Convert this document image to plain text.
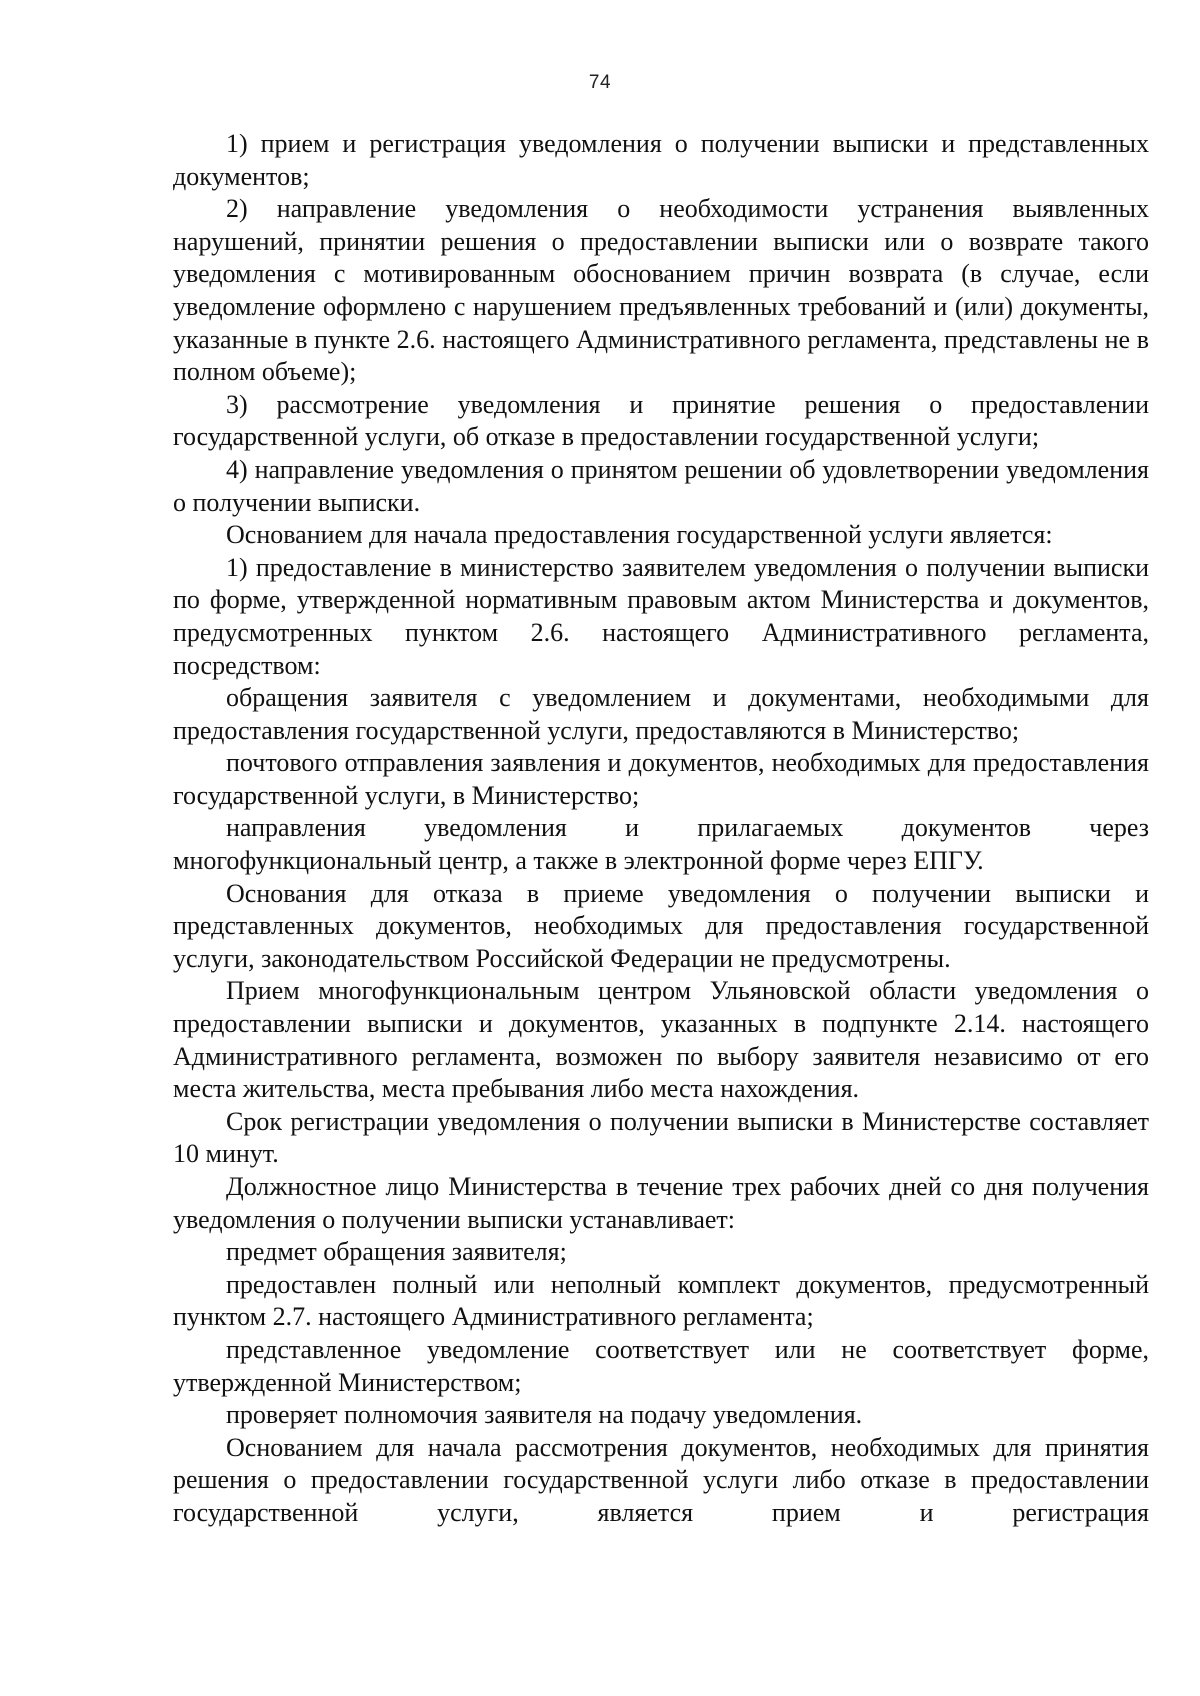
74

1) прием и регистрация уведомления о получении выписки и представленных документов;

2) направление уведомления о необходимости устранения выявленных нарушений, принятии решения о предоставлении выписки или о возврате такого уведомления с мотивированным обоснованием причин возврата (в случае, если уведомление оформлено с нарушением предъявленных требований и (или) документы, указанные в пункте 2.6. настоящего Административного регламента, представлены не в полном объеме);

3) рассмотрение уведомления и принятие решения о предоставлении государственной услуги, об отказе в предоставлении государственной услуги;

4) направление уведомления о принятом решении об удовлетворении уведомления о получении выписки.

Основанием для начала предоставления государственной услуги является:

1) предоставление в министерство заявителем уведомления о получении выписки по форме, утвержденной нормативным правовым актом Министерства и документов, предусмотренных пунктом 2.6. настоящего Административного регламента, посредством:

обращения заявителя с уведомлением и документами, необходимыми для предоставления государственной услуги, предоставляются в Министерство;

почтового отправления заявления и документов, необходимых для предоставления государственной услуги, в Министерство;

направления уведомления и прилагаемых документов через многофункциональный центр, а также в электронной форме через ЕПГУ.

Основания для отказа в приеме уведомления о получении выписки и представленных документов, необходимых для предоставления государственной услуги, законодательством Российской Федерации не предусмотрены.

Прием многофункциональным центром Ульяновской области уведомления о предоставлении выписки и документов, указанных в подпункте 2.14. настоящего Административного регламента, возможен по выбору заявителя независимо от его места жительства, места пребывания либо места нахождения.

Срок регистрации уведомления о получении выписки в Министерстве составляет 10 минут.

Должностное лицо Министерства в течение трех рабочих дней со дня получения уведомления о получении выписки устанавливает:

предмет обращения заявителя;

предоставлен полный или неполный комплект документов, предусмотренный пунктом 2.7. настоящего Административного регламента;

представленное уведомление соответствует или не соответствует форме, утвержденной Министерством;

проверяет полномочия заявителя на подачу уведомления.

Основанием для начала рассмотрения документов, необходимых для принятия решения о предоставлении государственной услуги либо отказе в предоставлении государственной услуги, является прием и регистрация
